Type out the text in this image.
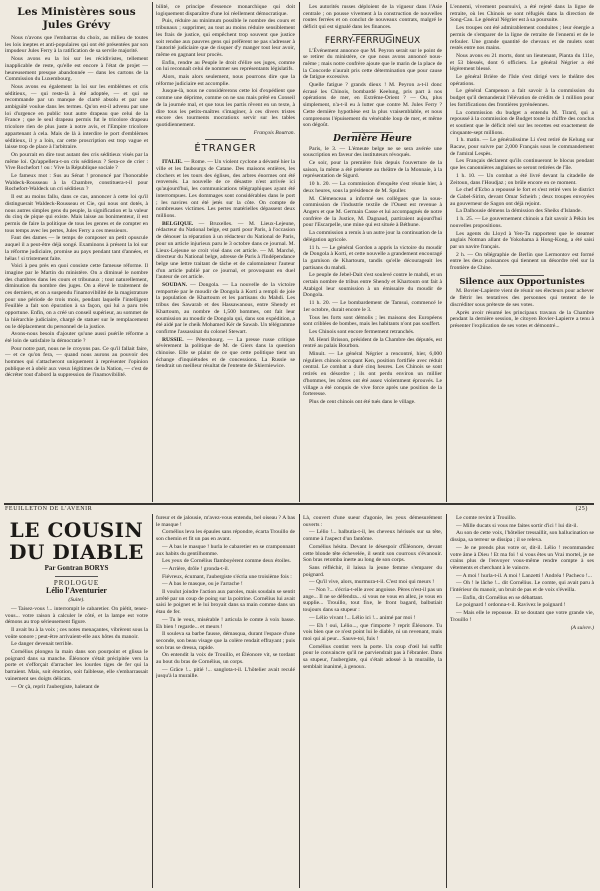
Les Ministères sous Jules Grévy

Nous n'avons que l'embarras du choix, au milieu de toutes les lois ineptes et anti-populaires qui ont été présentées par son impudeur Jules Ferry à la ratification de sa servile majorité.

Nous avons eu la loi sur les récidivistes, tellement inapplicable de reste, qu'elle est encore à l'état de projet — heureusement presque abandonnée — dans les cartons de la Commission du Luxembourg.

Nous avons eu également la loi sur les emblèmes et cris séditieux, — qui reste-là à été adoptée, — et qui se recommande par un manque de clarté absolu et par une ambiguïté voulue dans les termes. Qu'on est-il advenu par une loi d'urgence en public tout autre drapeau que celui de la France ; que le seul drapeau permis fut le tricolore drapeau tricolore rien de plus juste à notre avis, et l'Empire tricolore appartenant à cela. Mais de là à interdire le port d'emblèmes séditieux, il y a loin, car cette proscription est trop vague et laisse trop de place à l'arbitraire.

On pourrait en dire tout autant des cris séditieux visés par la même loi. Qu'appellera-t-on cris séditieux ? Sera-ce de crier : Vive Rochefort ! ou : Vive la République sociale ?

Le fameux mot : Sus au Sénat ! prononcé par l'honorable Waldeck-Rousseau à la Chambre, constituera-t-il pour Rochefort-Waldeck un cri séditieux ?

Il est au moins fallu, dans ce cas, annoncer à cette loi qu'il distinguerait Waldeck-Rousseau et Cie, qui nous ont dotés, à nous autres simples gens du peuple, la signification et la valeur du cinq de pique qui existe. Mais laisse au bonimenteur, il est permis de faire la politique de tous les genres et de compter en tous temps avec les pertes, Jules Ferry a ces messieurs.

Faut des dames — le temps de composer un petit opuscule auquel il a peut-être déjà songé. Examinons à présent la loi sur la réforme judiciaire, promise au pays pendant tant d'années, et hélas ! si tristement faite.

Voici à peu près en quoi consiste cette fameuse réforme. Il imagine par le Martin du ministère. On a diminué le nombre des chambres dans les cours et tribunaux ; tout naturellement, diminution du nombre des juges. On a élevé le traitement de ces derniers, et on a suspendu l'inamovibilité de la magistrature pour une période de trois mois, pendant laquelle l'intelligent Feuillée a fait son épuration à sa façon, qui lui a paru très opportune. Enfin, on a créé un conseil supérieur, au sommet de la hiérarchie judiciaire, chargé de statuer sur le remplacement ou le déplacement du personnel de la justice.

Avons-nous besoin d'ajouter qu'une aussi puérile réforme a été loin de satisfaire la démocratie ?

Pour notre part, nous ne le croyons pas. Ce qu'il fallait faire, — et ce qu'on fera, — quand nous aurons au pouvoir des hommes qui s'attacheront uniquement à représenter l'opinion publique et à obéir aux vœux légitimes de la Nation, — c'est de décréter tout d'abord la suppression de l'inamovibilité.

bilité, ce principe d'essence monarchique qui doit logiquement disparaître d'une loi réellement démocratique.

Puis, réduire au minimum possible le nombre des cours et tribunaux ; supprimer, au tout au moins réduire sensiblement les frais de justice, qui empêchent trop souvent que justice soit rendue aux pauvres gens qui préfèrent ne pas s'adresser à l'autorité judiciaire que de risquer d'y manger tout leur avoir, même en gagnant leur procès.

Enfin, rendre au Peuple le droit d'élire ses juges, comme on lui reconnaît celui de nommer ses représentants législatifs.

Alors, mais alors seulement, nous pourrons dire que la réforme judiciaire est accomplie.

Jusque-là, nous ne considérerons cette loi d'expédient que comme une déprime, comme on ne sau mais prêté en Conseil de la journée mal, et que tous les partis rêvent en un texte, à dire tous les petits-maîtres s'imaginer, à ces divers tristes encore des tourments mocrationx servir sur les tables quotidiennement.

François Boutran.
ÉTRANGER

ITALIE. — Rome. — Un violent cyclone a dévasté hier la ville et les faubourgs de Catane. Des maisons entières, les clochers et les tours des églises, des arbres énormes ont été renversés. La nouvelle de ce désastre n'est arrivée ici qu'aujourd'hui, les communications télégraphiques ayant été interrompues. Les dommages sont considérables dans le port ; les navires ont été jetés sur la côte. On compte de nombreuses victimes. Les pertes matérielles dépassent deux millions.

BELGIQUE. — Bruxelles. — M. Lieux-Lejeune, rédacteur du National belge, est parti pour Paris, à l'occasion de dénouer la réparation à un rédacteur du National de Paris, pour un article injurieux paru le 3 octobre dans ce journal. M. Lieux-Lejeune se croit visé dans cet article. — M. Marché, directeur du National belge, adresse de Paris à l'Indépendance belge une lettre traitant de tâche et de calomniateur l'auteur d'un article publié par ce journal, et provoquant en duel l'auteur de cet article.

SOUDAN. — Dongola. — La nouvelle de la victoire remportée par le moudir de Dongola à Korti a rempli de joie la population de Khartoum et les partisans du Mahdi. Les tribus des Sawarab et des Hassawanous, entre Shendy et Khartoum, au nombre de 1,500 hommes, ont fait leur soumission au moudir de Dongola qui, dans son expédition, a été aidé par le cheik Mohamed Kér de Sawab. Un télégramme confirme l'assassinat du colonel Stewart.

RUSSIE. — Pétersbourg. — La presse russe critique sévèrement la politique de M. de Giers dans la question chinoise. Elle se plaint de ce que cette politique tient un échange d'inquiétudes et de concessions. La Russie se tiendrait un meilleur résultat de l'entente de Skierniewice.

Les autorités russes déploient de la vigueur dans l'Asie centrale ; on pousse vivement à la construction de nouvelles routes ferrées et on conclut de nouveaux contrats, malgré le déficit qui est signalé dans les finances.

FERRY-FERRUGINEUX

L'Événement annonce que M. Peyron serait sur le point de se retirer du ministère, ce que nous avons annoncé nous-même ; mais notre confrère ajoute que le marin de la place de la Concorde n'aurait pris cette détermination que pour cause de fatigue excessive.

Quelle fatigue ? grands dieux ! M. Peyron a-t-il donc écrasé les Chinois, bombardé Keelung, pris part à nos opérations de mer, en Extrême-Orient ? — Ou, plus simplement, n'a-t-il eu à lutter que contre M. Jules Ferry ? Cette dernière hypothèse est la plus vraisemblable, et nous comprenons l'épuisement du vénérable loup de mer, et même son dégoût.

Dernière Heure

Paris, le 3. — L'émeute belge ne se sera avérée une souscription en faveur des instituteurs révoqués.

Ce soir, pour la première fois depuis l'ouverture de la saison, la même a été présente au théâtre de la Monnaie, à la représentation de Sigurd.

10 h. 20. — La commission d'enquête s'est réunie hier, à deux heures, sous la présidence de M. Spuller.

M. Clémenceau a informé ses collègues que la sous-commission de l'industrie textile de l'Ouest est revenue à Angers et que M. Germain Casse et lui accompagnés de notre confrère de la Justice, M. Dagnaud, partiraient aujourd'hui pour l'Escarpelle, une mine qui est située à Béthune.

La commission a remis à un autre jour la continuation de la délégation agricole.

11 h. — Le général Gordon a appris la victoire du moudir de Dongola à Korti, et cette nouvelle a grandement encouragé la garnison de Khartoum, tandis qu'elle décourageait les partisans du mahdi.

Le peuple de Jebel-Dait s'est soulevé contre le mahdi, et un certain nombre de tribus entre Shendy et Khartoum ont fait à Atabigol leur soumission à un émissaire du moudir de Dongola.

11 h. 20. — Le bombardement de Tamsui, commencé le 1er octobre, durait encore le 3.

Tous les forts sont démolis ; les maisons des Européens sont criblées de bombes, mais les habitants n'ont pas souffert.

Les Chinois sont encore fermement retranchés.

M. Henri Brisson, président de la Chambre des députés, est rentré au palais Bourbon.

Minuit. — Le général Négrier a rencontré, hier, 6,000 réguliers chinois occupant Ken, position fortifiée avec réduit central. Le combat a duré cinq heures. Les Chinois se sont retirés en désordre ; ils ont perdu environ un millier d'hommes, les nôtres ont été assez violemment éprouvés. Le village a été conquis de vive force après une position de la forteresse.

Plus de cent chinois ont été tués dans le village.

L'ennemi, vivement poursuivi, a été rejeté dans la ligne de retraite, où les Chinois se sont réfugiés dans la direction de Song-Cau. Le général Négrier est à sa poursuite.

Les troupes ont été admirablement conduites ; leur énergie a permis de s'emparer de la ligne de retraite de l'ennemi et de le refouler. Une grande quantité de chevaux et de mulets sont restés entre nos mains.

Nous avons eu 21 morts, dont un lieutenant, Pianta du 111e, et 53 blessés, dont 6 officiers. Le général Négrier a été légèrement blessé.

Le général Brière de l'Isle s'est dirigé vers le théâtre des opérations.

Le général Campenon a fait savoir à la commission du budget qu'il demanderait l'élévation de crédits de 1 million pour les fortifications des frontières pyrénéennes.

La commission du budget a entendu M. Tirard, qui a repoussé à la commission de Budget toute la chiffre des conclus et soutient que le déficit réel sur les recettes est exactement de cinquante-sept millions.

1 h. matin. — Le généralissime Li s'est retiré de Kelung sur Racaw, pour suivre par 2,000 Français sous le commandement de l'amiral Lespès.

Les Français déclarent qu'ils continueront le blocus pendant que les canonnières anglaises se seront retirées de l'île.

1 h. 10. — Un combat a été livré devant la citadelle de Zeitoun, dans l'Houdjaz ; on brûle encore en ce moment.

Le chef d'Ecbo a repoussé le fort et s'est retiré vers le district de Gabel-Sirim, devant Omar Scheirh ; deux troupes envoyées au gouverneur de Sagon ont déjà rejoint.

La Dalhousie démens la démission des Sheiks d'Islande.

1 h. 25. — Le gouvernement chinois a fait savoir à Pékin les nouvelles propositions.

Les agents du Lloyd à Yen-Ta rapportent que le steamer anglais Notman allant de Yokohama à Hong-Kong, a été saisi par un navire français.

2 h. — On télégraphie de Berlin que Lermontov est formé entre les deux puissances qui tiennent un désordre réel sur la frontière de Chine.

Silence aux Opportunistes

M. Bovier-Lapierre vient de réunir ses électeurs pour achever de flétrir les tentatives des personnes qui tentent de le discréditer sous prétexte de ses votes.

Après avoir résumé les principaux travaux de la Chambre pendant la dernière session, le citoyen Bovier-Lapierre a tenu à présenter l'explication de ses votes et démontré...

FEUILLETON DE L'AVENIR	(25)
LE COUSIN DU DIABLE
Par Gontran BORYS
PROLOGUE
Lélio l'Aventurier
(Suite).

— Taisez-vous !... interrompit le cabaretier. On piétit, tenez-vous... votre raison à calculer le côté, et la lampe est votre démons au trop sérieusement figure.

Il avait bu à la voix ; ces notes menaçantes, vibrèrent sous la voûte sonore ; peut-être arrivaient-elle aux hôtes du manoir.

Le danger devenait terrible.

Cornélius plongea la main dans son pourpoint et glissa le poignard dans sa manche. Éléonore s'était précipitée vers la porte et s'efforçait d'arracher les lourdes tiges de fer qui la barraient. Mais, soit émotion, soit faiblesse, elle s'embarrassait vainement ses doigts délicats.

— Or çà, reprit l'aubergiste, haletant de

fureur et de jalousie, m'avez-vous entendu, bel oiseau ? A bas le masque !

Cornélius leva les épaules sans répondre, écarta Trouillo de son chemin et fit un pas en avant.

— A bas le masque ! hurla le cabaretier en se cramponnant aux habits du gentilhomme.

Les yeux de Cornélius flamboyèrent comme deux étoiles.

— Arrière, drôle ! gronda-t-il.

Fiévreux, écumant, l'aubergiste s'écria une troisième fois :

— A bas le masque, ou je l'arrache !

Il voulut joindre l'action aux paroles, mais soudain se sentit arrêté par un coup de poing sur la poitrine. Cornélius lui avait saisi le poignet et le lui broyait dans sa main comme dans un étau de fer.

— Tu le veux, misérable ! articula le comte à voix basse. Eh bien ! regarde... et meurs !

Il souleva sa barbe fausse, démasqua, durant l'espace d'une seconde, son beau visage que la colère rendait effrayant ; puis son bras se dressa, rapide.

On entendit la voix de Trouillo, et Éléonore vit, se tordant au bout du bras de Cornélius, un corps.

— Grâce !... pitié !... sanglota-t-il. L'hôtelier avait reculé jusqu'à la muraille.

Là, couvert d'une sueur d'agonie, les yeux démesurément ouverts :

— Lélio !... balbutia-t-il, les cheveux hérissés sur sa tête, comme à l'aspect d'un fantôme.

Cornélius hésita. Devant le désespoir d'Éléonore, devant cette blonde tête échevelée, il sentit son courroux s'évanouir. Son bras retomba inerte au long de son corps.

Sans réfléchir, il laissa la jeune femme s'emparer du poignard.

— Qu'il vive, alors, murmura-t-il. C'est moi qui meurs !

— Non ?... s'écria-t-elle avec angoisse. Pères n'est-il pas un ange... Il ne se défendra... si vous ne vous en allez, je vous en supplie... Trouillo, tout fixe, le front bagard, balbutiait toujours dans sa stupeur :

— Lélio vivant !... Lélio ici !... animé par moi !

— Eh ! oui, Lélio..., que t'importe ? reprit Éléonore. Tu vois bien que ce n'est point lui le diable, ni un revenant, mais moi qui ai peur... Sauve-toi, fuis !

Cornélius contint vers la porte. Un coup d'œil lui suffit pour le convaincre qu'il ne parviendrait pas à l'ébranler. Dans sa stupeur, l'aubergiste, qui s'était adossé à la muraille, la semblait inanimé, à genoux.

Le comte revint à Trouillo.

— Mille ducats si vous me faites sortir d'ici ! lui dit-il.

Au son de cette voix, l'hôtelier tressaillit, son hallucination se dissipa, sa terreur se dissipa ; il se releva.

— Je ne prends plus votre or, dit-il. Lélio ! recommandez votre âme à Dieu ! Et ma foi ! si vous êtes un Vrai mortel, je ne crains plus de l'envoyer vous-même rendre compte à ses vêtements et cherchant à le vaincre.

— A moi ! hurla-t-il. A moi ! Lanzetti ! Andréa ! Pacheco !...

— Oh ! le lâche !... dit Cornélius. Le comte, qui avait paru à l'intérieur du manoir, un bruit de pas et de voix s'éveilla.

— Enfin, dit Cornélius en se débattant.

Le poignard ! ordonna-t-il. Ravivez le poignard !

— Mais elle le repousse. Et se doutant que votre grande vie, Trouillo !

(A suivre.)
